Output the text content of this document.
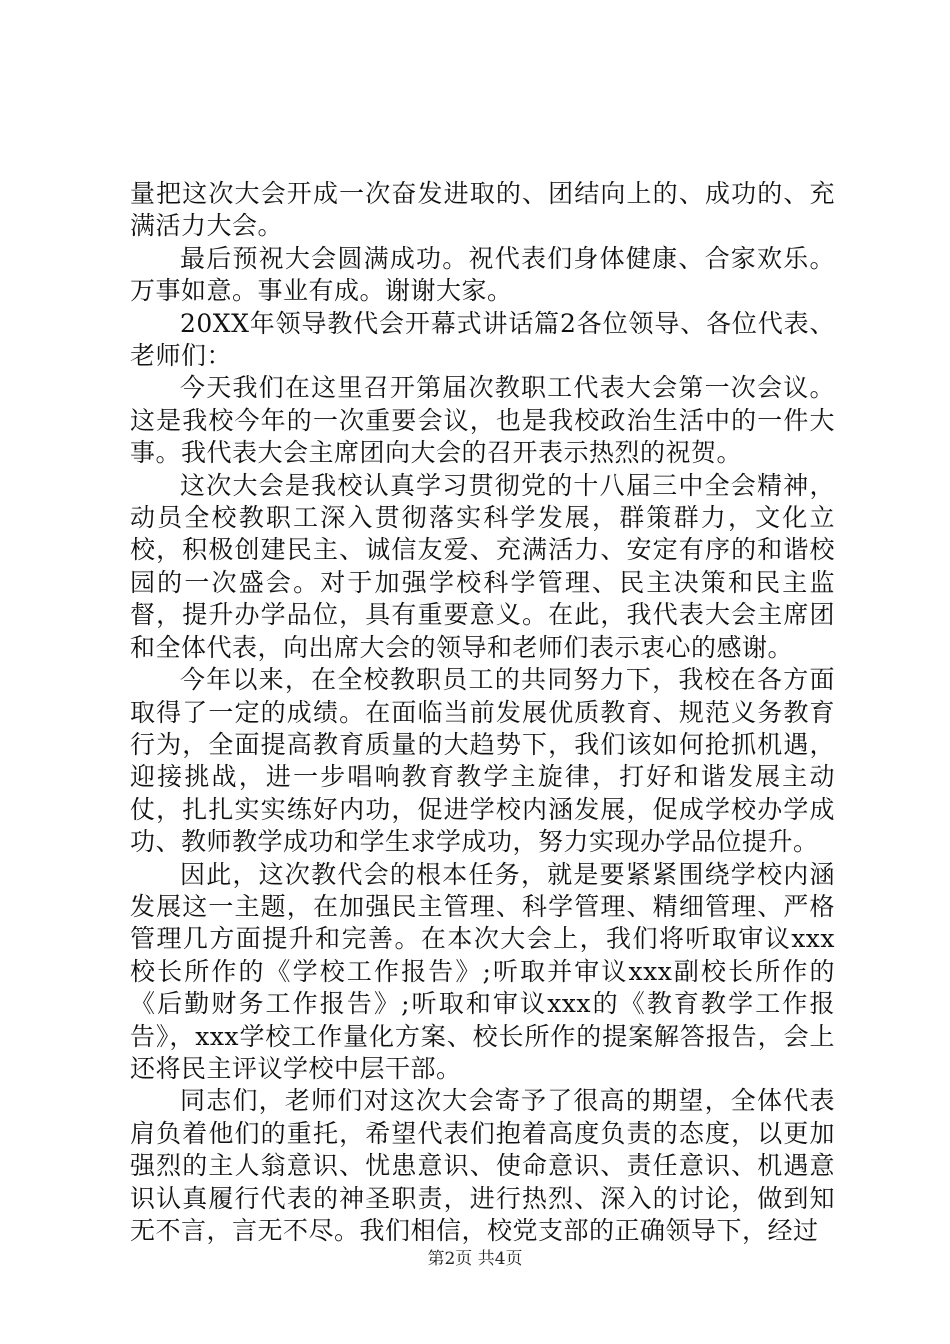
量把这次大会开成一次奋发进取的、团结向上的、成功的、充满活力大会。

最后预祝大会圆满成功。祝代表们身体健康、合家欢乐。万事如意。事业有成。谢谢大家。

20XX年领导教代会开幕式讲话篇2各位领导、各位代表、老师们：

今天我们在这里召开第届次教职工代表大会第一次会议。这是我校今年的一次重要会议，也是我校政治生活中的一件大事。我代表大会主席团向大会的召开表示热烈的祝贺。

这次大会是我校认真学习贯彻党的十八届三中全会精神，动员全校教职工深入贯彻落实科学发展，群策群力，文化立校，积极创建民主、诚信友爱、充满活力、安定有序的和谐校园的一次盛会。对于加强学校科学管理、民主决策和民主监督，提升办学品位，具有重要意义。在此，我代表大会主席团和全体代表，向出席大会的领导和老师们表示衷心的感谢。

今年以来，在全校教职员工的共同努力下，我校在各方面取得了一定的成绩。在面临当前发展优质教育、规范义务教育行为，全面提高教育质量的大趋势下，我们该如何抢抓机遇，迎接挑战，进一步唱响教育教学主旋律，打好和谐发展主动仗，扎扎实实练好内功，促进学校内涵发展，促成学校办学成功、教师教学成功和学生求学成功，努力实现办学品位提升。

因此，这次教代会的根本任务，就是要紧紧围绕学校内涵发展这一主题，在加强民主管理、科学管理、精细管理、严格管理几方面提升和完善。在本次大会上，我们将听取审议xxx校长所作的《学校工作报告》;听取并审议xxx副校长所作的《后勤财务工作报告》;听取和审议xxx的《教育教学工作报告》，xxx学校工作量化方案、校长所作的提案解答报告，会上还将民主评议学校中层干部。

同志们，老师们对这次大会寄予了很高的期望，全体代表肩负着他们的重托，希望代表们抱着高度负责的态度，以更加强烈的主人翁意识、忧患意识、使命意识、责任意识、机遇意识认真履行代表的神圣职责，进行热烈、深入的讨论，做到知无不言，言无不尽。我们相信，校党支部的正确领导下，经过

第2页 共4页
